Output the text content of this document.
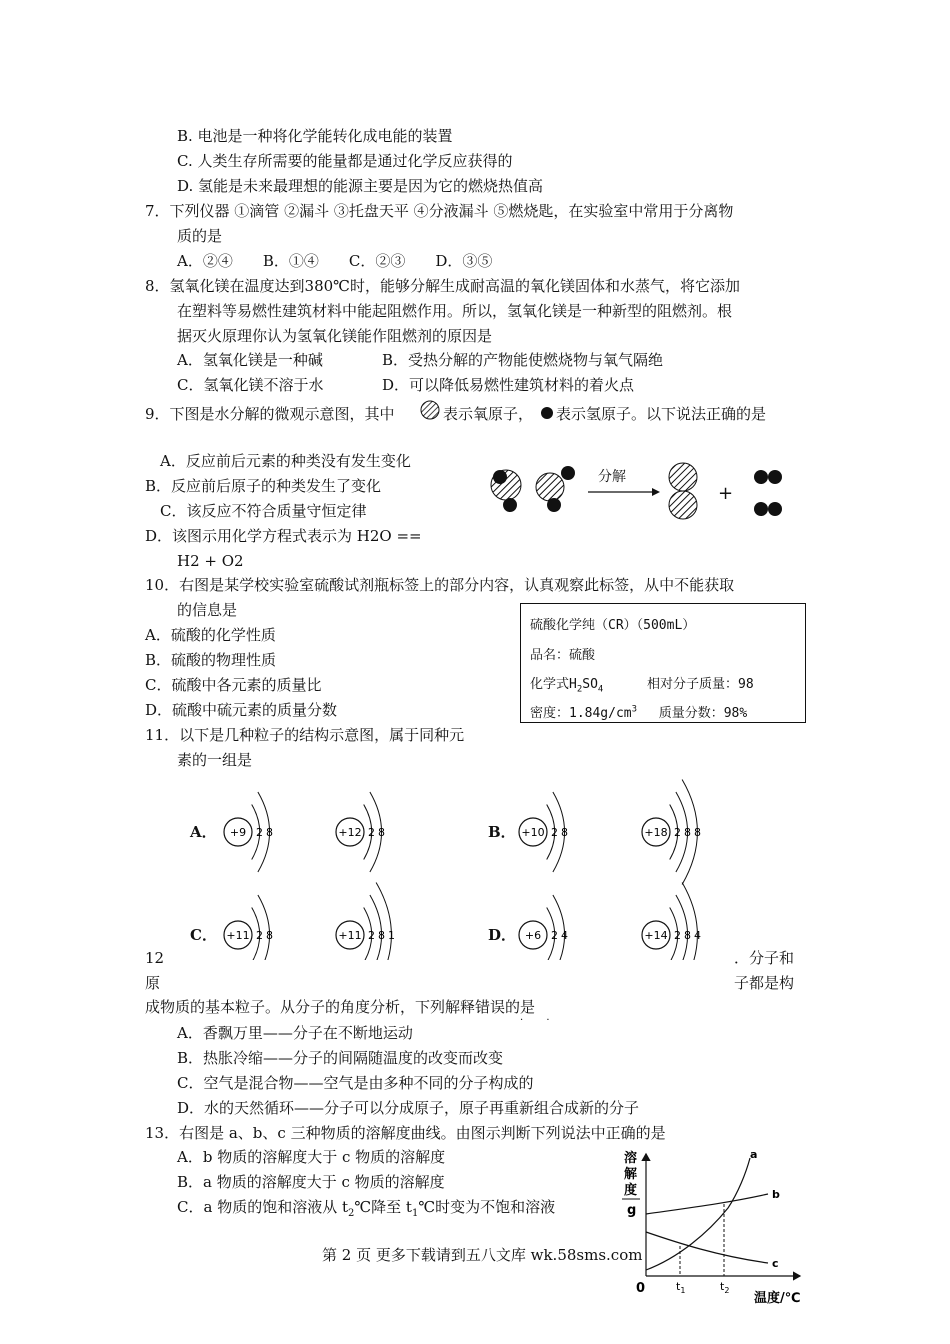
B. 电池是一种将化学能转化成电能的装置
C. 人类生存所需要的能量都是通过化学反应获得的
D. 氢能是未来最理想的能源主要是因为它的燃烧热值高
7．下列仪器 ①滴管 ②漏斗 ③托盘天平 ④分液漏斗 ⑤燃烧匙，在实验室中常用于分离物
质的是
A．②④　　B．①④　　C．②③　　D．③⑤
8．氢氧化镁在温度达到380℃时，能够分解生成耐高温的氧化镁固体和水蒸气，将它添加
在塑料等易燃性建筑材料中能起阻燃作用。所以，氢氧化镁是一种新型的阻燃剂。根
据灭火原理你认为氢氧化镁能作阻燃剂的原因是
A．氢氧化镁是一种碱	B．受热分解的产物能使燃烧物与氧气隔绝
C．氢氧化镁不溶于水	D．可以降低易燃性建筑材料的着火点
9．下图是水分解的微观示意图，其中	表示氧原子， 表示氢原子。以下说法正确的是
A．反应前后元素的种类没有发生变化
B．反应前后原子的种类发生了变化
C．该反应不符合质量守恒定律
D．该图示用化学方程式表示为 H2O ==
H2 + O2
分解
+
10．右图是某学校实验室硫酸试剂瓶标签上的部分内容，认真观察此标签，从中不能获取
的信息是
A．硫酸的化学性质
B．硫酸的物理性质
C．硫酸中各元素的质量比
D．硫酸中硫元素的质量分数
硫酸化学纯（CR）（500mL）
品名：硫酸
化学式$H_2SO_4$	相对分子质量：98
密度：$1.84g/cm^3$ 质量分数：98%
11．以下是几种粒子的结构示意图，属于同种元
素的一组是
A．	B．
C．	D．
+9 2 8	+12 2 8	+10 2 8	+18 2 8 8
+11 2 8	+11 2 8 1	+6 2 4	+14 2 8 4
12	．分子和
原	子都是构
成物质的基本粒子。从分子的角度分析，下列解释错误的是
· ·
A．香飘万里——分子在不断地运动
B．热胀冷缩——分子的间隔随温度的改变而改变
C．空气是混合物——空气是由多种不同的分子构成的
D．水的天然循环——分子可以分成原子，原子再重新组合成新的分子
13．右图是 a、b、c 三种物质的溶解度曲线。由图示判断下列说法中正确的是
A．b 物质的溶解度大于 c 物质的溶解度
B．a 物质的溶解度大于 c 物质的溶解度
C．a 物质的饱和溶液从 $t_2℃$降至 $t_1℃$时变为不饱和溶液
溶
解
度
g
0
温度/℃
$t_1$	$t_2$
a
b
c
第 2 页 更多下载请到五八文库 wk.58sms.com
